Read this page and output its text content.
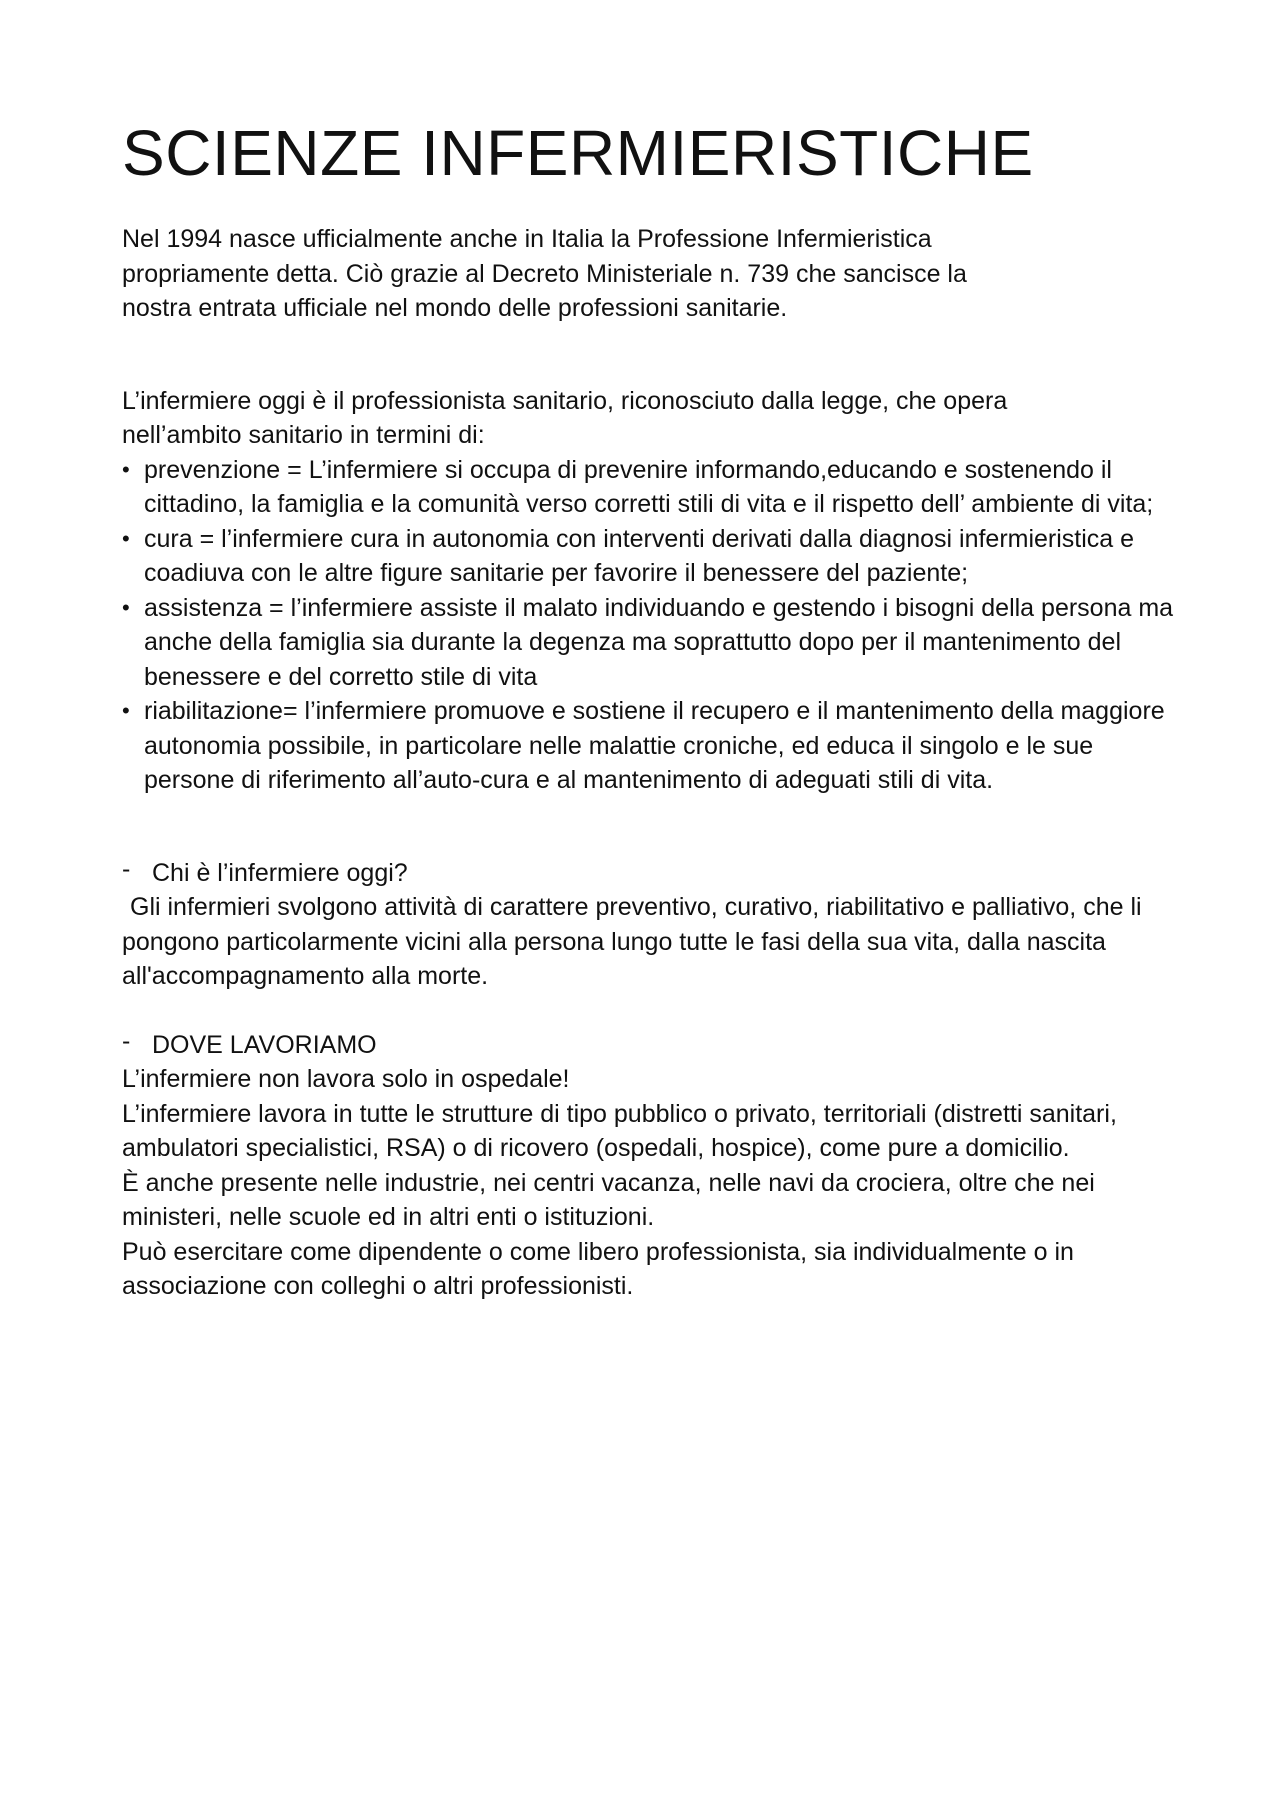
SCIENZE INFERMIERISTICHE

Nel 1994 nasce ufficialmente anche in Italia la Professione Infermieristica propriamente detta. Ciò grazie al Decreto Ministeriale n. 739 che sancisce la nostra entrata ufficiale nel mondo delle professioni sanitarie.

L’infermiere oggi è il professionista sanitario, riconosciuto dalla legge, che opera nell’ambito sanitario in termini di:

• prevenzione = L’infermiere si occupa di prevenire informando,educando e sostenendo il cittadino, la famiglia e la comunità verso corretti stili di vita e il rispetto dell’ ambiente di vita;
• cura = l’infermiere cura in autonomia con interventi derivati dalla diagnosi infermieristica e coadiuva con le altre figure sanitarie per favorire il benessere del paziente;
• assistenza = l’infermiere assiste il malato individuando e gestendo i bisogni della persona ma anche della famiglia sia durante la degenza ma soprattutto dopo per il mantenimento del benessere e del corretto stile di vita
• riabilitazione= l’infermiere promuove e sostiene il recupero e il mantenimento della maggiore autonomia possibile, in particolare nelle malattie croniche, ed educa il singolo e le sue persone di riferimento all’auto-cura e al mantenimento di adeguati stili di vita.
- Chi è l’infermiere oggi?

Gli infermieri svolgono attività di carattere preventivo, curativo, riabilitativo e palliativo, che li pongono particolarmente vicini alla persona lungo tutte le fasi della sua vita, dalla nascita all'accompagnamento alla morte.

- DOVE LAVORIAMO

L’infermiere non lavora solo in ospedale!

L’infermiere lavora in tutte le strutture di tipo pubblico o privato, territoriali (distretti sanitari, ambulatori specialistici, RSA) o di ricovero (ospedali, hospice), come pure a domicilio.

È anche presente nelle industrie, nei centri vacanza, nelle navi da crociera, oltre che nei ministeri, nelle scuole ed in altri enti o istituzioni.

Può esercitare come dipendente o come libero professionista, sia individualmente o in associazione con colleghi o altri professionisti.
